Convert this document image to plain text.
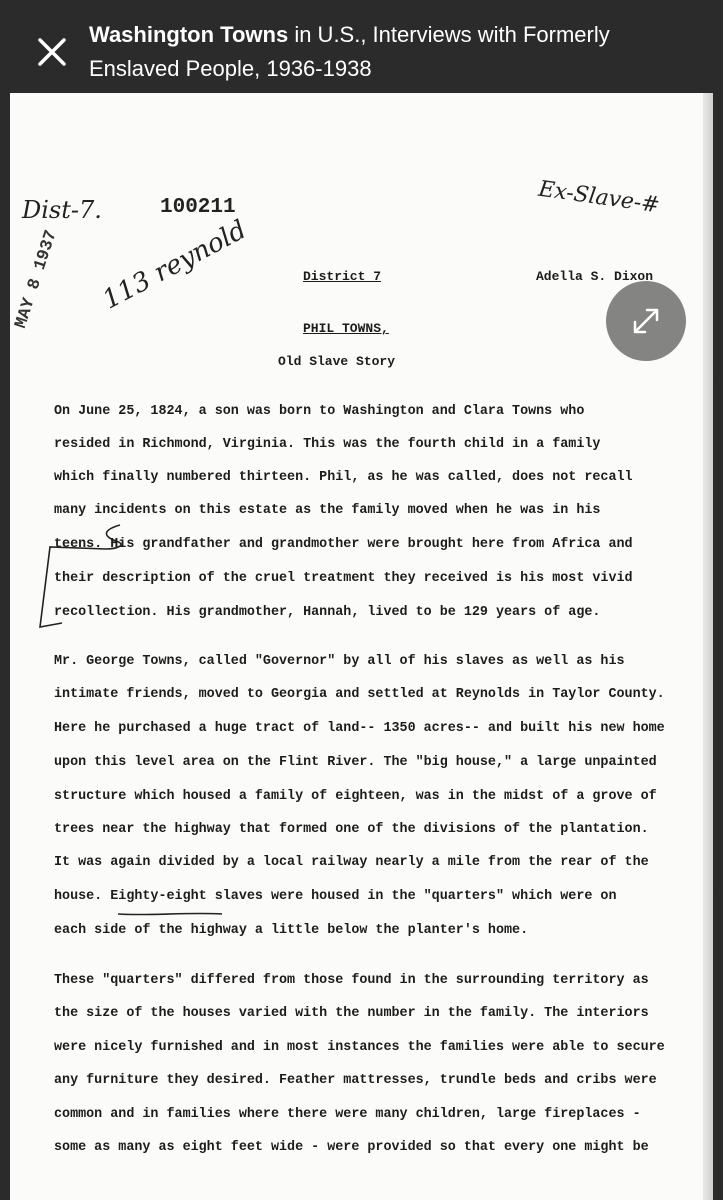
Washington Towns in U.S., Interviews with Formerly Enslaved People, 1936-1938
Dist-7.	100211	Ex-Slave-#
MAY 8 1937 113 reynold	District 7	Adella S. Dixon
PHIL TOWNS,
Old Slave Story
On June 25, 1824, a son was born to Washington and Clara Towns who
resided in Richmond, Virginia. This was the fourth child in a family
which finally numbered thirteen. Phil, as he was called, does not recall
many incidents on this estate as the family moved when he was in his
teens. His grandfather and grandmother were brought here from Africa and
their description of the cruel treatment they received is his most vivid
recollection. His grandmother, Hannah, lived to be 129 years of age.
Mr. George Towns, called "Governor" by all of his slaves as well as his
intimate friends, moved to Georgia and settled at Reynolds in Taylor County.
Here he purchased a huge tract of land-- 1350 acres-- and built his new home
upon this level area on the Flint River. The "big house," a large unpainted
structure which housed a family of eighteen, was in the midst of a grove of
trees near the highway that formed one of the divisions of the plantation.
It was again divided by a local railway nearly a mile from the rear of the
house. Eighty-eight slaves were housed in the "quarters" which were on
each side of the highway a little below the planter's home.
These "quarters" differed from those found in the surrounding territory as
the size of the houses varied with the number in the family. The interiors
were nicely furnished and in most instances the families were able to secure
any furniture they desired. Feather mattresses, trundle beds and cribs were
common and in families where there were many children, large fireplaces -
some as many as eight feet wide - were provided so that every one might be
